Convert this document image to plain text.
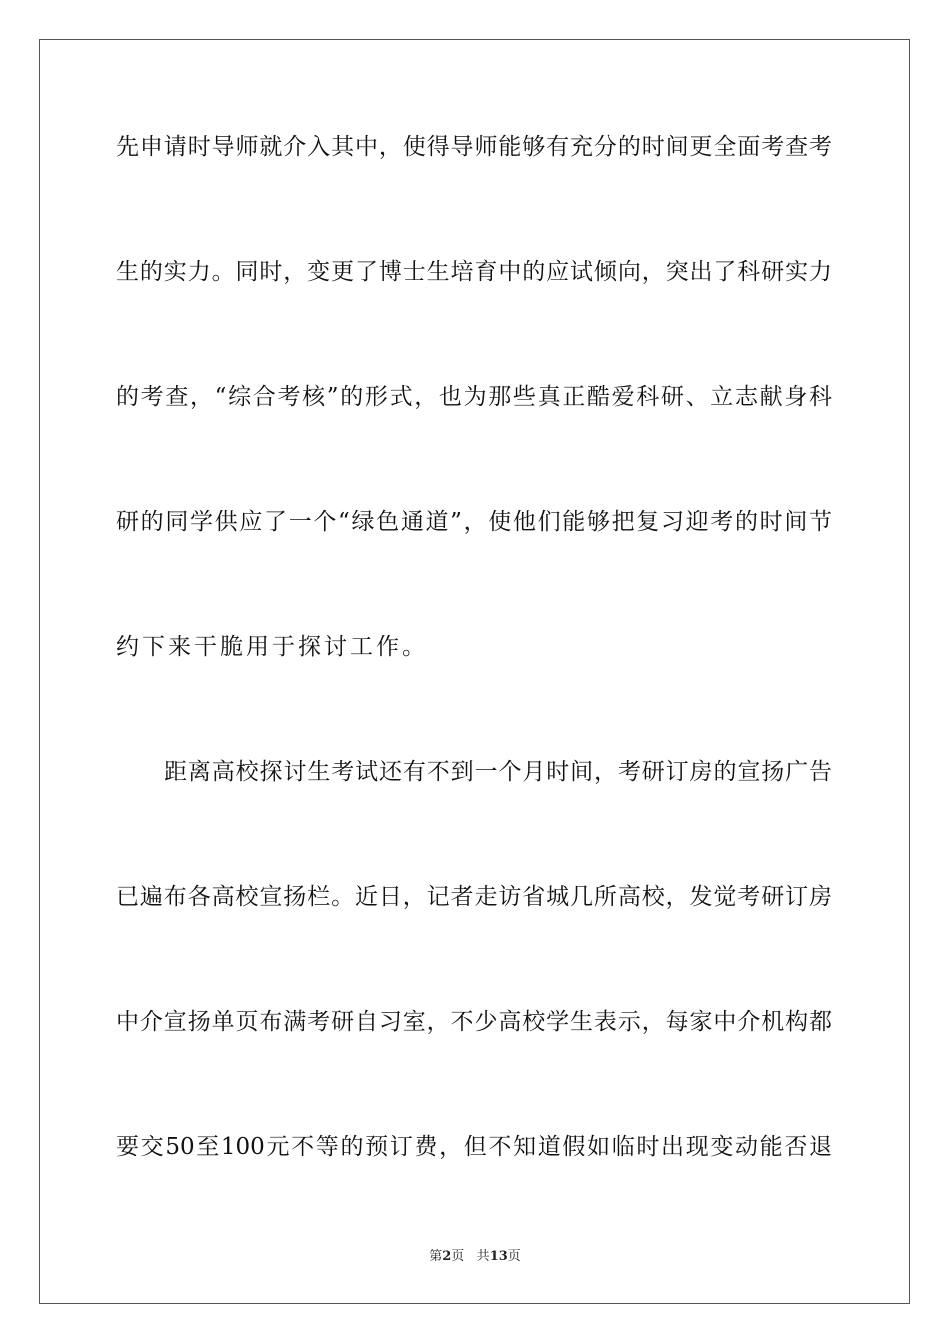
先申请时导师就介入其中，使得导师能够有充分的时间更全面考查考
生的实力。同时，变更了博士生培育中的应试倾向，突出了科研实力
的考查，“综合考核”的形式，也为那些真正酷爱科研、立志献身科
研的同学供应了一个“绿色通道”，使他们能够把复习迎考的时间节
约下来干脆用于探讨工作。
距离高校探讨生考试还有不到一个月时间，考研订房的宣扬广告
已遍布各高校宣扬栏。近日，记者走访省城几所高校，发觉考研订房
中介宣扬单页布满考研自习室，不少高校学生表示，每家中介机构都
要交50至100元不等的预订费，但不知道假如临时出现变动能否退
第2页 共13页
